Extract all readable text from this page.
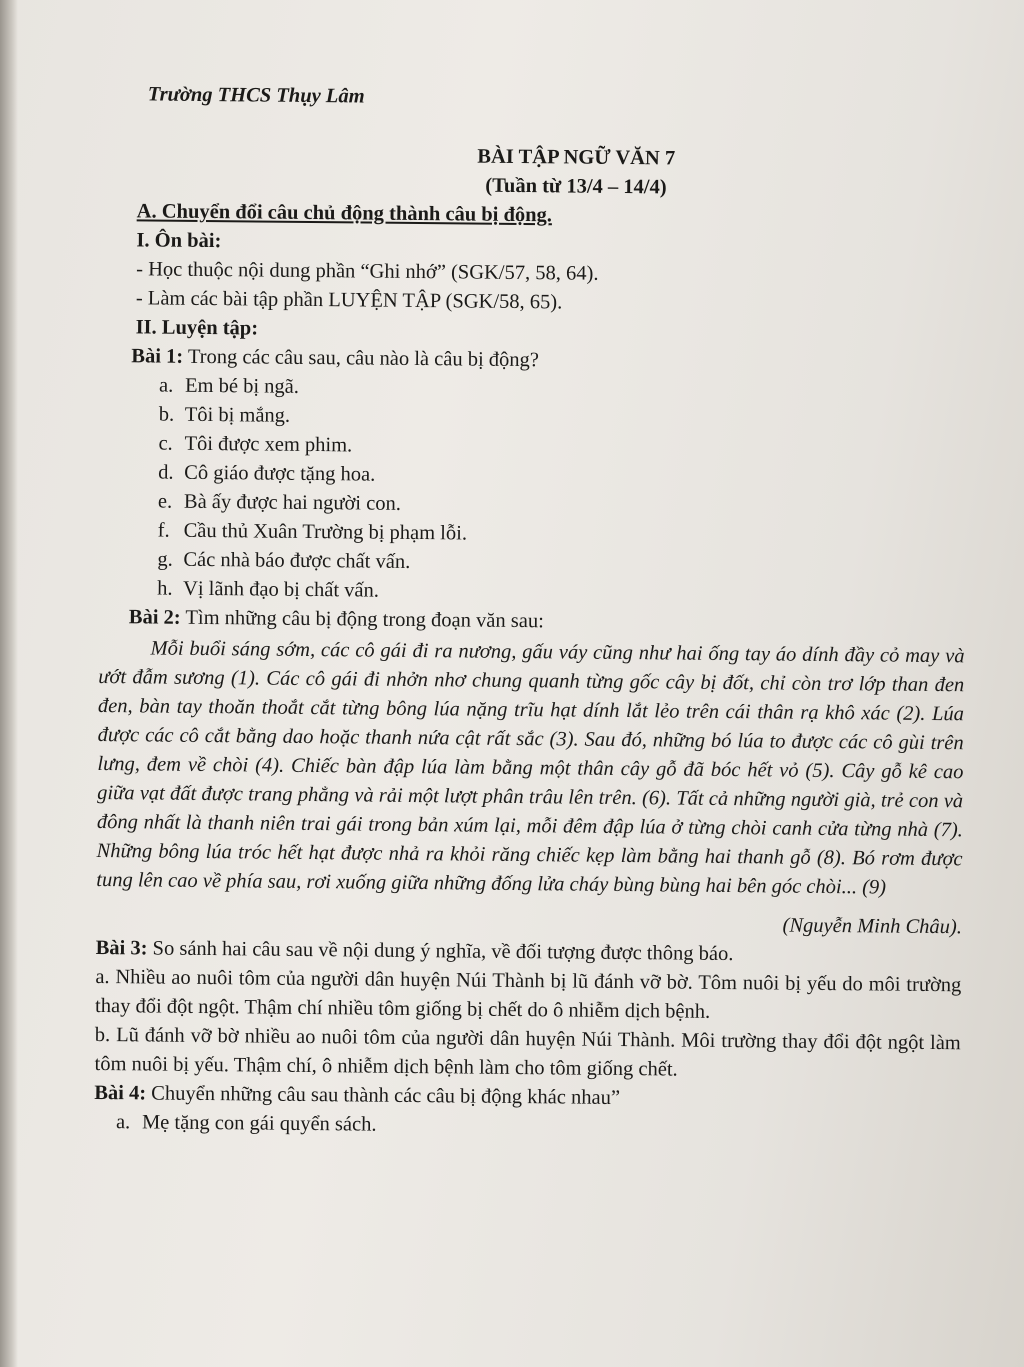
Trường THCS Thụy Lâm
BÀI TẬP NGỮ VĂN 7
(Tuần từ 13/4 – 14/4)
A. Chuyển đổi câu chủ động thành câu bị động.
I. Ôn bài:
- Học thuộc nội dung phần “Ghi nhớ” (SGK/57, 58, 64).
- Làm các bài tập phần LUYỆN TẬP (SGK/58, 65).
II. Luyện tập:
Bài 1: Trong các câu sau, câu nào là câu bị động?
a. Em bé bị ngã.
b. Tôi bị mắng.
c. Tôi được xem phim.
d. Cô giáo được tặng hoa.
e. Bà ấy được hai người con.
f. Cầu thủ Xuân Trường bị phạm lỗi.
g. Các nhà báo được chất vấn.
h. Vị lãnh đạo bị chất vấn.
Bài 2: Tìm những câu bị động trong đoạn văn sau:
Mỗi buổi sáng sớm, các cô gái đi ra nương, gấu váy cũng như hai ống tay áo dính đầy cỏ may và ướt đẫm sương (1). Các cô gái đi nhởn nhơ chung quanh từng gốc cây bị đốt, chỉ còn trơ lớp than đen đen, bàn tay thoăn thoắt cắt từng bông lúa nặng trĩu hạt dính lắt lẻo trên cái thân rạ khô xác (2). Lúa được các cô cắt bằng dao hoặc thanh nứa cật rất sắc (3). Sau đó, những bó lúa to được các cô gùi trên lưng, đem về chòi (4). Chiếc bàn đập lúa làm bằng một thân cây gỗ đã bóc hết vỏ (5). Cây gỗ kê cao giữa vạt đất được trang phẳng và rải một lượt phân trâu lên trên. (6). Tất cả những người già, trẻ con và đông nhất là thanh niên trai gái trong bản xúm lại, mỗi đêm đập lúa ở từng chòi canh cửa từng nhà (7). Những bông lúa tróc hết hạt được nhả ra khỏi răng chiếc kẹp làm bằng hai thanh gỗ (8). Bó rơm được tung lên cao về phía sau, rơi xuống giữa những đống lửa cháy bùng bùng hai bên góc chòi... (9)
(Nguyễn Minh Châu).
Bài 3: So sánh hai câu sau về nội dung ý nghĩa, về đối tượng được thông báo.
a. Nhiều ao nuôi tôm của người dân huyện Núi Thành bị lũ đánh vỡ bờ. Tôm nuôi bị yếu do môi trường thay đổi đột ngột. Thậm chí nhiều tôm giống bị chết do ô nhiễm dịch bệnh.
b. Lũ đánh vỡ bờ nhiều ao nuôi tôm của người dân huyện Núi Thành. Môi trường thay đổi đột ngột làm tôm nuôi bị yếu. Thậm chí, ô nhiễm dịch bệnh làm cho tôm giống chết.
Bài 4: Chuyển những câu sau thành các câu bị động khác nhau”
a. Mẹ tặng con gái quyển sách.
